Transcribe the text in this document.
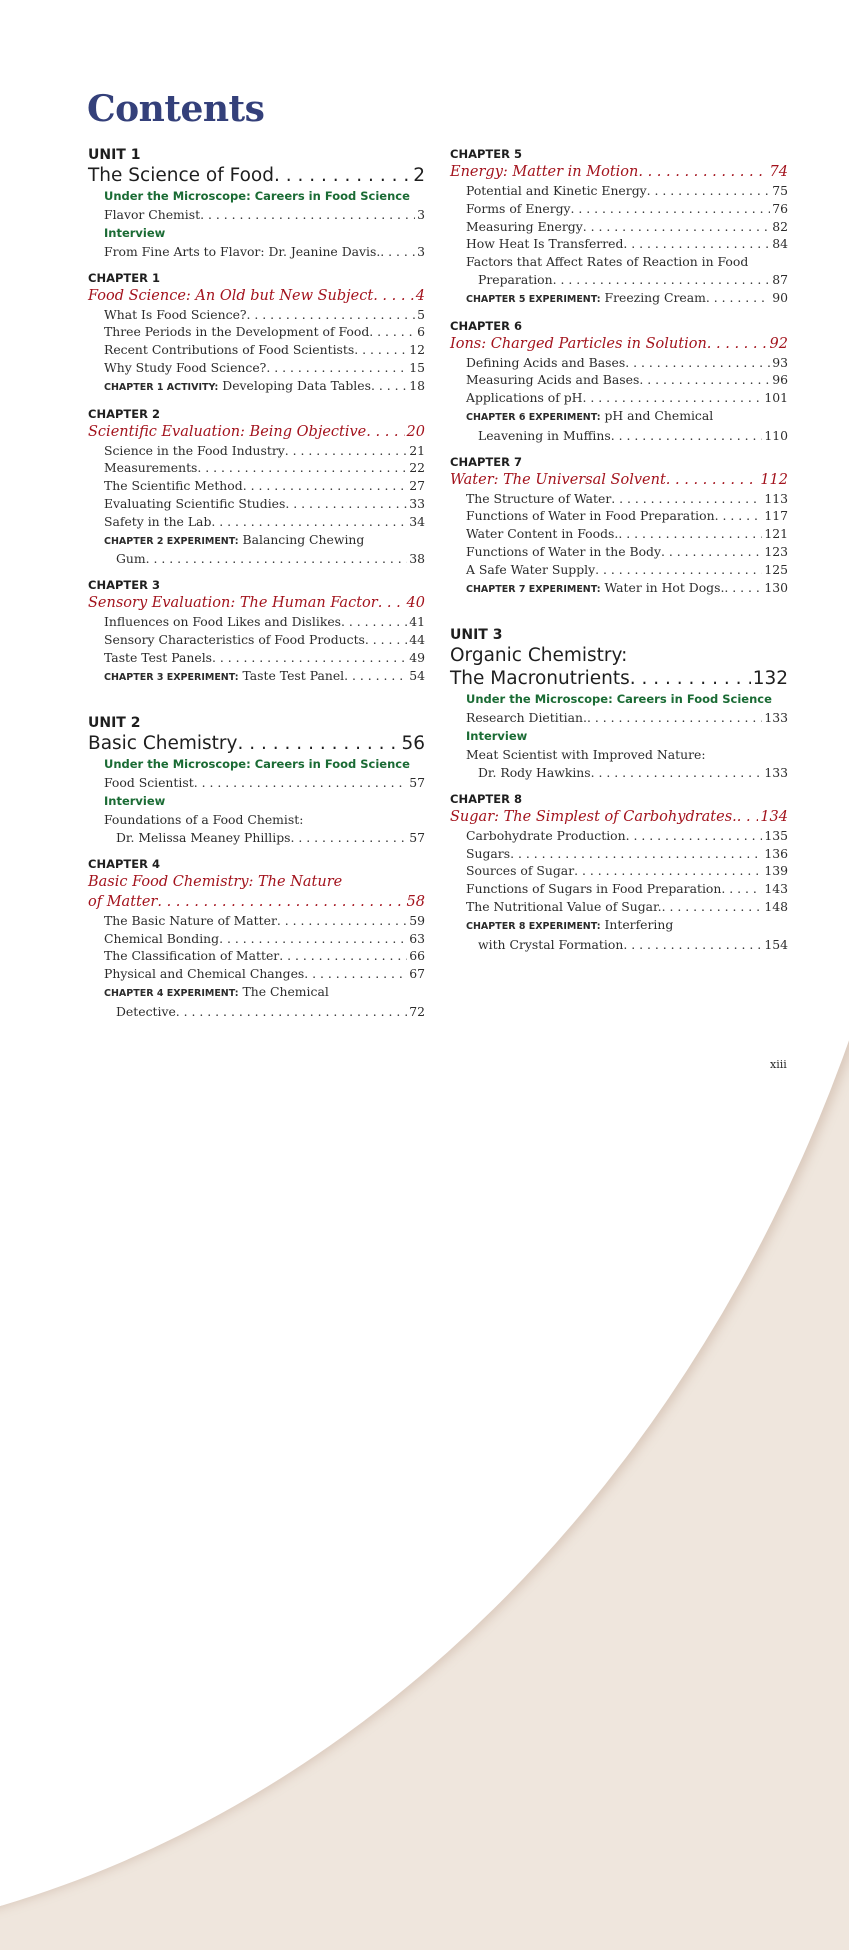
Contents
UNIT 1
The Science of Food . . .	2
Under the Microscope: Careers in Food Science
Flavor Chemist . . .	3
Interview
From Fine Arts to Flavor: Dr. Jeanine Davis. . . .	3
CHAPTER 1
Food Science: An Old but New Subject . . .	4
What Is Food Science? . . .	5
Three Periods in the Development of Food . . .	6
Recent Contributions of Food Scientists . . .	12
Why Study Food Science? . . .	15
CHAPTER 1 ACTIVITY: Developing Data Tables . . .	18
CHAPTER 2
Scientific Evaluation: Being Objective . . .	20
Science in the Food Industry . . .	21
Measurements . . .	22
The Scientific Method . . .	27
Evaluating Scientific Studies . . .	33
Safety in the Lab . . .	34
CHAPTER 2 EXPERIMENT: Balancing Chewing
Gum . . .	38
CHAPTER 3
Sensory Evaluation: The Human Factor . . . 40
Influences on Food Likes and Dislikes . . .	41
Sensory Characteristics of Food Products . . .	44
Taste Test Panels . . .	49
CHAPTER 3 EXPERIMENT: Taste Test Panel . . .	54
UNIT 2
Basic Chemistry . . .	56
Under the Microscope: Careers in Food Science
Food Scientist . . .	57
Interview
Foundations of a Food Chemist:
Dr. Melissa Meaney Phillips . . .	57
CHAPTER 4
Basic Food Chemistry: The Nature
of Matter . . .	58
The Basic Nature of Matter . . .	59
Chemical Bonding . . .	63
The Classification of Matter . . .	66
Physical and Chemical Changes . . .	67
CHAPTER 4 EXPERIMENT: The Chemical
Detective . . .	72
CHAPTER 5
Energy: Matter in Motion . . .	74
Potential and Kinetic Energy . . .	75
Forms of Energy . . .	76
Measuring Energy . . .	82
How Heat Is Transferred . . .	84
Factors that Affect Rates of Reaction in Food
Preparation . . .	87
CHAPTER 5 EXPERIMENT: Freezing Cream . . .	90
CHAPTER 6
Ions: Charged Particles in Solution . . .	92
Defining Acids and Bases . . .	93
Measuring Acids and Bases . . .	96
Applications of pH . . .	101
CHAPTER 6 EXPERIMENT: pH and Chemical
Leavening in Muffins . . .	110
CHAPTER 7
Water: The Universal Solvent . . .	112
The Structure of Water . . .	113
Functions of Water in Food Preparation . . .	117
Water Content in Foods. . . .	121
Functions of Water in the Body . . .	123
A Safe Water Supply . . .	125
CHAPTER 7 EXPERIMENT: Water in Hot Dogs. . . .	130
UNIT 3
Organic Chemistry:
The Macronutrients . . .	132
Under the Microscope: Careers in Food Science
Research Dietitian. . . .	133
Interview
Meat Scientist with Improved Nature:
Dr. Rody Hawkins . . .	133
CHAPTER 8
Sugar: The Simplest of Carbohydrates. . . . 134
Carbohydrate Production . . .	135
Sugars . . .	136
Sources of Sugar . . .	139
Functions of Sugars in Food Preparation . . .	143
The Nutritional Value of Sugar. . . .	148
CHAPTER 8 EXPERIMENT: Interfering
with Crystal Formation . . .	154
xiii
